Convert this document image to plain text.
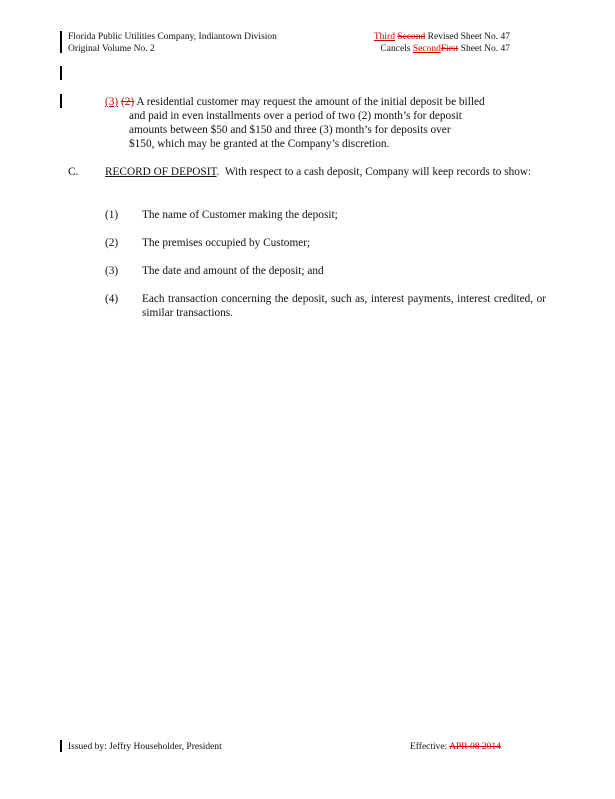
Florida Public Utilities Company, Indiantown Division
Original Volume No. 2
Third Second Revised Sheet No. 47
Cancels SecondFirst Sheet No. 47
(3) (2) A residential customer may request the amount of the initial deposit be billed
and paid in even installments over a period of two (2) month’s for deposit
amounts between $50 and $150 and three (3) month’s for deposits over
$150, which may be granted at the Company’s discretion.
C. RECORD OF DEPOSIT.  With respect to a cash deposit, Company will keep records to show:
(1) The name of Customer making the deposit;
(2) The premises occupied by Customer;
(3) The date and amount of the deposit; and
(4) Each transaction concerning the deposit, such as, interest payments, interest credited, or similar transactions.
Issued by: Jeffry Householder, President	Effective: APR 08 2014
